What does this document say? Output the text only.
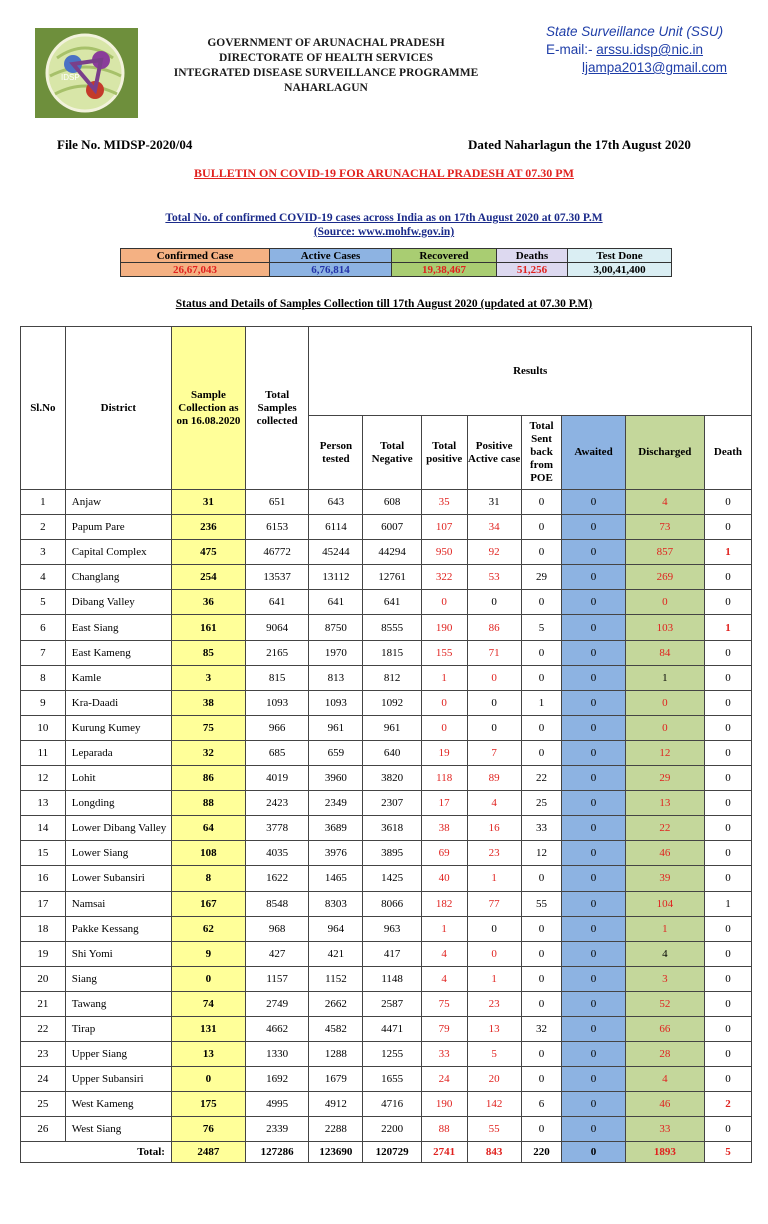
IDSP
GOVERNMENT OF ARUNACHAL PRADESH
DIRECTORATE OF HEALTH SERVICES
INTEGRATED DISEASE SURVEILLANCE PROGRAMME
NAHARLAGUN
State Surveillance Unit (SSU)
E-mail:- arssu.idsp@nic.in
ljampa2013@gmail.com
File No. MIDSP-2020/04	Dated Naharlagun the 17th August 2020
BULLETIN ON COVID-19 FOR ARUNACHAL PRADESH AT 07.30 PM
Total No. of confirmed COVID-19 cases across India as on 17th August 2020 at 07.30 P.M
(Source: www.mohfw.gov.in)
Confirmed Case	Active Cases	Recovered	Deaths	Test Done
26,67,043	6,76,814	19,38,467	51,256	3,00,41,400
Status and Details of Samples Collection till 17th August 2020 (updated at 07.30 P.M)
Sl.No	District	Sample Collection as on 16.08.2020	Total Samples collected	Results							
				Person tested	Total Negative	Total positive	Positive Active case	Total Sent back from POE	Awaited	Discharged	Death
1	Anjaw	31	651	643	608	35	31	0	0	4	0
2	Papum Pare	236	6153	6114	6007	107	34	0	0	73	0
3	Capital Complex	475	46772	45244	44294	950	92	0	0	857	1
4	Changlang	254	13537	13112	12761	322	53	29	0	269	0
5	Dibang Valley	36	641	641	641	0	0	0	0	0	0
6	East Siang	161	9064	8750	8555	190	86	5	0	103	1
7	East Kameng	85	2165	1970	1815	155	71	0	0	84	0
8	Kamle	3	815	813	812	1	0	0	0	1	0
9	Kra-Daadi	38	1093	1093	1092	0	0	1	0	0	0
10	Kurung Kumey	75	966	961	961	0	0	0	0	0	0
11	Leparada	32	685	659	640	19	7	0	0	12	0
12	Lohit	86	4019	3960	3820	118	89	22	0	29	0
13	Longding	88	2423	2349	2307	17	4	25	0	13	0
14	Lower Dibang Valley	64	3778	3689	3618	38	16	33	0	22	0
15	Lower Siang	108	4035	3976	3895	69	23	12	0	46	0
16	Lower Subansiri	8	1622	1465	1425	40	1	0	0	39	0
17	Namsai	167	8548	8303	8066	182	77	55	0	104	1
18	Pakke Kessang	62	968	964	963	1	0	0	0	1	0
19	Shi Yomi	9	427	421	417	4	0	0	0	4	0
20	Siang	0	1157	1152	1148	4	1	0	0	3	0
21	Tawang	74	2749	2662	2587	75	23	0	0	52	0
22	Tirap	131	4662	4582	4471	79	13	32	0	66	0
23	Upper Siang	13	1330	1288	1255	33	5	0	0	28	0
24	Upper Subansiri	0	1692	1679	1655	24	20	0	0	4	0
25	West Kameng	175	4995	4912	4716	190	142	6	0	46	2
26	West Siang	76	2339	2288	2200	88	55	0	0	33	0
Total:		2487	127286	123690	120729	2741	843	220	0	1893	5
